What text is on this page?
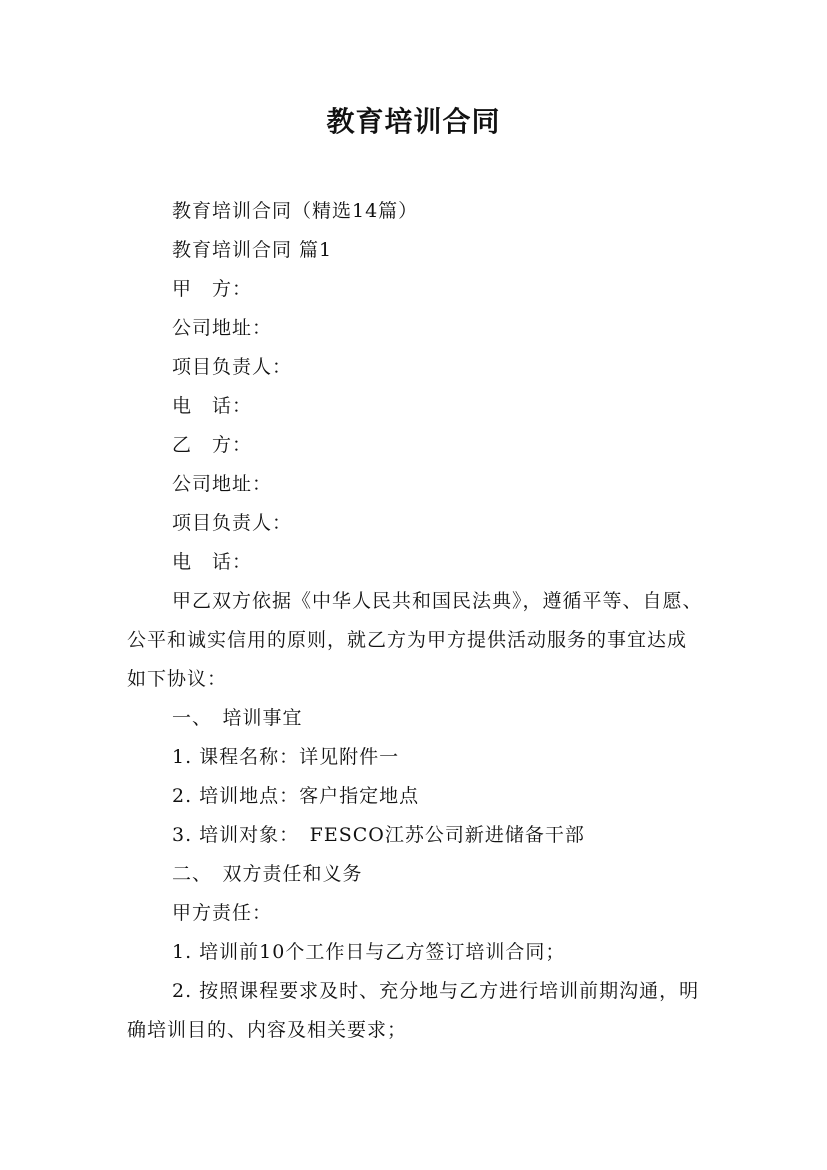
教育培训合同

教育培训合同（精选14篇）

教育培训合同 篇1

甲　方：

公司地址：

项目负责人：

电　话：

乙　方：

公司地址：

项目负责人：

电　话：

甲乙双方依据《中华人民共和国民法典》，遵循平等、自愿、公平和诚实信用的原则，就乙方为甲方提供活动服务的事宜达成如下协议：

一、　培训事宜

1. 课程名称：详见附件一

2. 培训地点：客户指定地点

3. 培训对象：　FESCO江苏公司新进储备干部

二、　双方责任和义务

甲方责任：

1. 培训前10个工作日与乙方签订培训合同；

2. 按照课程要求及时、充分地与乙方进行培训前期沟通，明确培训目的、内容及相关要求；
